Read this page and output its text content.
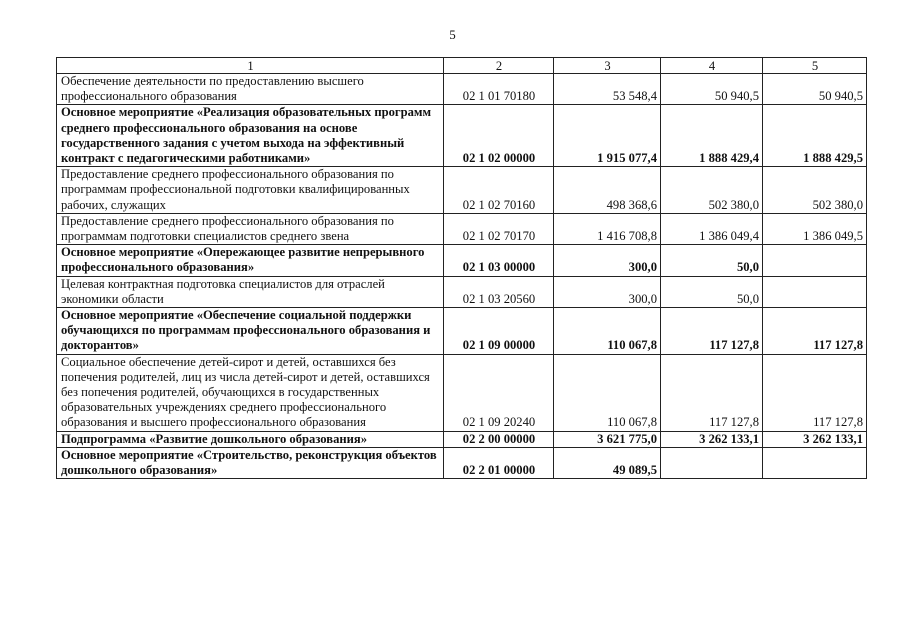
5
1	2	3	4	5
Обеспечение деятельности по предоставлению высшего профессионального образования	02 1 01 70180	53 548,4	50 940,5	50 940,5
Основное мероприятие «Реализация образовательных программ среднего профессионального образования на основе государственного задания с учетом выхода на эффективный контракт с педагогическими работниками»	02 1 02 00000	1 915 077,4	1 888 429,4	1 888 429,5
Предоставление среднего профессионального образования по программам профессиональной подготовки квалифицированных рабочих, служащих	02 1 02 70160	498 368,6	502 380,0	502 380,0
Предоставление среднего профессионального образования по программам подготовки специалистов среднего звена	02 1 02 70170	1 416 708,8	1 386 049,4	1 386 049,5
Основное мероприятие «Опережающее развитие непрерывного профессионального образования»	02 1 03 00000	300,0	50,0	
Целевая контрактная подготовка специалистов для отраслей экономики области	02 1 03 20560	300,0	50,0	
Основное мероприятие «Обеспечение социальной поддержки обучающихся по программам профессионального образования и докторантов»	02 1 09 00000	110 067,8	117 127,8	117 127,8
Социальное обеспечение детей-сирот и детей, оставшихся без попечения родителей, лиц из числа детей-сирот и детей, оставшихся без попечения родителей, обучающихся в государственных образовательных учреждениях среднего профессионального образования и высшего профессионального образования	02 1 09 20240	110 067,8	117 127,8	117 127,8
Подпрограмма «Развитие дошкольного образования»	02 2 00 00000	3 621 775,0	3 262 133,1	3 262 133,1
Основное мероприятие «Строительство, реконструкция объектов дошкольного образования»	02 2 01 00000	49 089,5		
